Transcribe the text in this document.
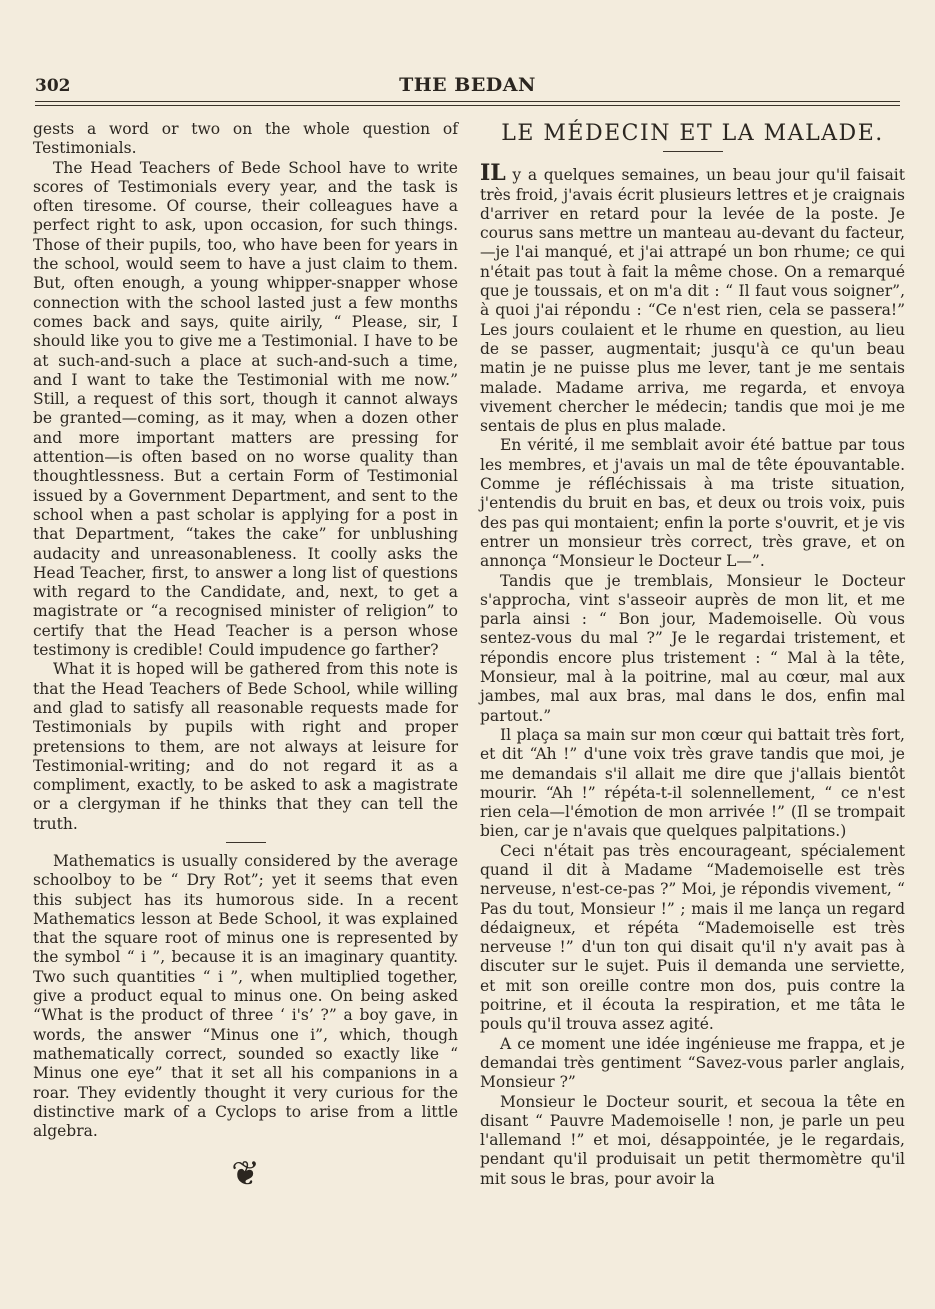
302	THE BEDAN

gests a word or two on the whole question of Testimonials.

The Head Teachers of Bede School have to write scores of Testimonials every year, and the task is often tiresome. Of course, their colleagues have a perfect right to ask, upon occasion, for such things. Those of their pupils, too, who have been for years in the school, would seem to have a just claim to them. But, often enough, a young whipper-snapper whose connection with the school lasted just a few months comes back and says, quite airily, “ Please, sir, I should like you to give me a Testimonial. I have to be at such-and-such a place at such-and-such a time, and I want to take the Testimonial with me now.” Still, a request of this sort, though it cannot always be granted—coming, as it may, when a dozen other and more important matters are pressing for attention—is often based on no worse quality than thoughtlessness. But a certain Form of Testimonial issued by a Government Department, and sent to the school when a past scholar is applying for a post in that Department, “takes the cake” for unblushing audacity and unreasonableness. It coolly asks the Head Teacher, first, to answer a long list of questions with regard to the Candidate, and, next, to get a magistrate or “a recognised minister of religion” to certify that the Head Teacher is a person whose testimony is credible! Could impudence go farther?

What it is hoped will be gathered from this note is that the Head Teachers of Bede School, while willing and glad to satisfy all reasonable requests made for Testimonials by pupils with right and proper pretensions to them, are not always at leisure for Testimonial-writing; and do not regard it as a compliment, exactly, to be asked to ask a magistrate or a clergyman if he thinks that they can tell the truth.

Mathematics is usually considered by the average schoolboy to be “ Dry Rot”; yet it seems that even this subject has its humorous side. In a recent Mathematics lesson at Bede School, it was explained that the square root of minus one is represented by the symbol “ i ”, because it is an imaginary quantity. Two such quantities “ i ”, when multiplied together, give a product equal to minus one. On being asked “What is the product of three ‘ i's’ ?” a boy gave, in words, the answer “Minus one i”, which, though mathematically correct, sounded so exactly like “ Minus one eye” that it set all his companions in a roar. They evidently thought it very curious for the distinctive mark of a Cyclops to arise from a little algebra.

❦
LE MÉDECIN ET LA MALADE.

IL y a quelques semaines, un beau jour qu'il faisait très froid, j'avais écrit plusieurs lettres et je craignais d'arriver en retard pour la levée de la poste. Je courus sans mettre un manteau au-devant du facteur,—je l'ai manqué, et j'ai attrapé un bon rhume; ce qui n'était pas tout à fait la même chose. On a remarqué que je toussais, et on m'a dit : “ Il faut vous soigner”, à quoi j'ai répondu : “Ce n'est rien, cela se passera!” Les jours coulaient et le rhume en question, au lieu de se passer, augmentait; jusqu'à ce qu'un beau matin je ne puisse plus me lever, tant je me sentais malade. Madame arriva, me regarda, et envoya vivement chercher le médecin; tandis que moi je me sentais de plus en plus malade.

En vérité, il me semblait avoir été battue par tous les membres, et j'avais un mal de tête épouvantable. Comme je réfléchissais à ma triste situation, j'entendis du bruit en bas, et deux ou trois voix, puis des pas qui montaient; enfin la porte s'ouvrit, et je vis entrer un monsieur très correct, très grave, et on annonça “Monsieur le Docteur L—”.

Tandis que je tremblais, Monsieur le Docteur s'approcha, vint s'asseoir auprès de mon lit, et me parla ainsi : “ Bon jour, Mademoiselle. Où vous sentez-vous du mal ?” Je le regardai tristement, et répondis encore plus tristement : “ Mal à la tête, Monsieur, mal à la poitrine, mal au cœur, mal aux jambes, mal aux bras, mal dans le dos, enfin mal partout.”

Il plaça sa main sur mon cœur qui battait très fort, et dit “Ah !” d'une voix très grave tandis que moi, je me demandais s'il allait me dire que j'allais bientôt mourir. “Ah !” répéta-t-il solennellement, “ ce n'est rien cela—l'émotion de mon arrivée !” (Il se trompait bien, car je n'avais que quelques palpitations.)

Ceci n'était pas très encourageant, spécialement quand il dit à Madame “Mademoiselle est très nerveuse, n'est-ce-pas ?” Moi, je répondis vivement, “ Pas du tout, Monsieur !” ; mais il me lança un regard dédaigneux, et répéta “Mademoiselle est très nerveuse !” d'un ton qui disait qu'il n'y avait pas à discuter sur le sujet. Puis il demanda une serviette, et mit son oreille contre mon dos, puis contre la poitrine, et il écouta la respiration, et me tâta le pouls qu'il trouva assez agité.

A ce moment une idée ingénieuse me frappa, et je demandai très gentiment “Savez-vous parler anglais, Monsieur ?”

Monsieur le Docteur sourit, et secoua la tête en disant “ Pauvre Mademoiselle ! non, je parle un peu l'allemand !” et moi, désappointée, je le regardais, pendant qu'il produisait un petit thermomètre qu'il mit sous le bras, pour avoir la
